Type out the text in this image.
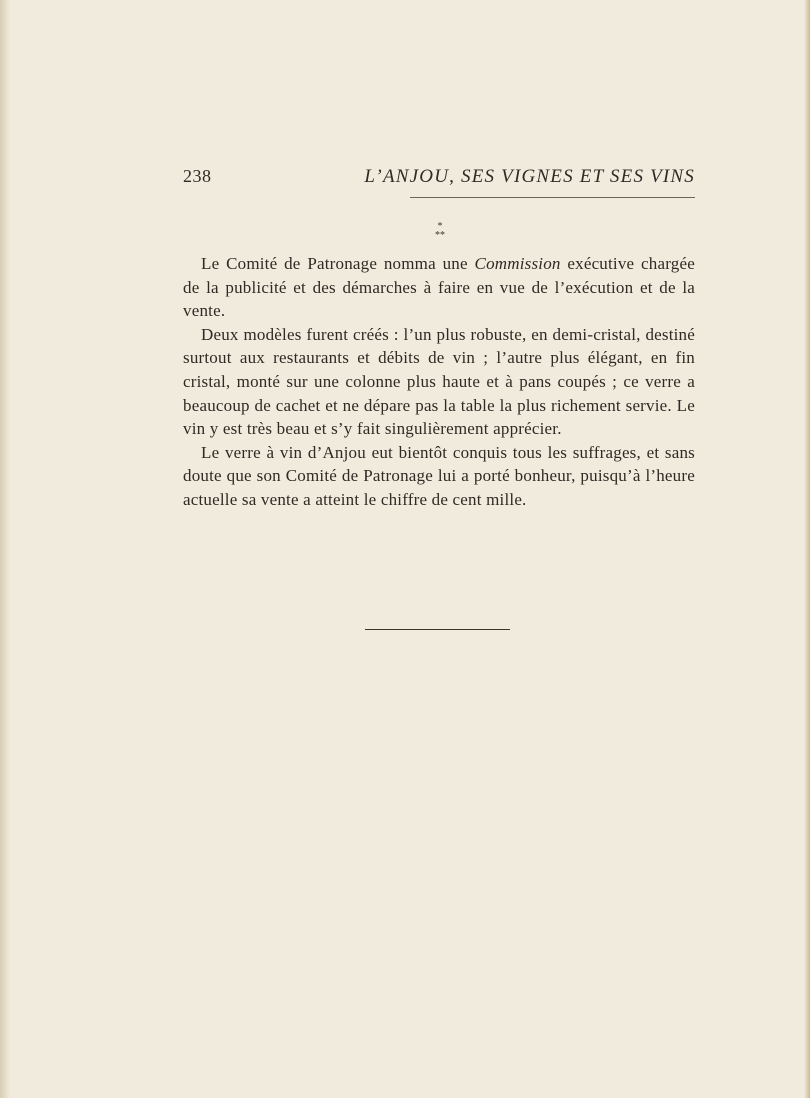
238	L’ANJOU, SES VIGNES ET SES VINS
*
**

Le Comité de Patronage nomma une Commission exécutive chargée de la publicité et des démarches à faire en vue de l’exécution et de la vente.

Deux modèles furent créés : l’un plus robuste, en demi-cristal, destiné surtout aux restaurants et débits de vin ; l’autre plus élégant, en fin cristal, monté sur une colonne plus haute et à pans coupés ; ce verre a beaucoup de cachet et ne dépare pas la table la plus richement servie. Le vin y est très beau et s’y fait singulièrement apprécier.

Le verre à vin d’Anjou eut bientôt conquis tous les suffrages, et sans doute que son Comité de Patronage lui a porté bonheur, puisqu’à l’heure actuelle sa vente a atteint le chiffre de cent mille.
